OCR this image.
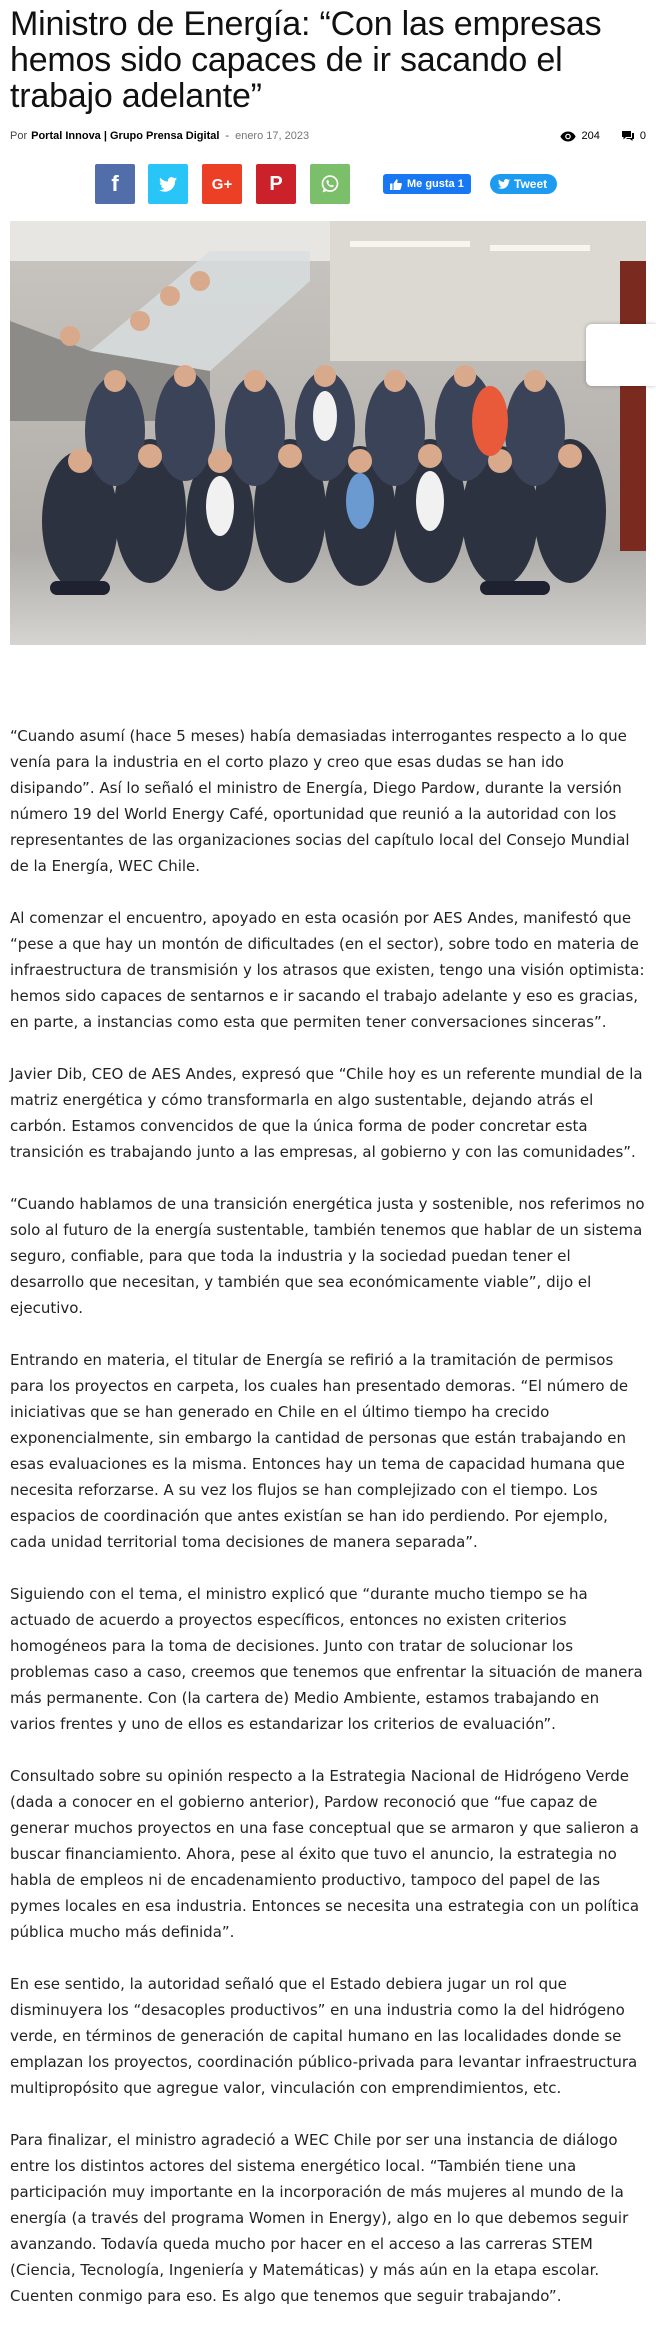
Ministro de Energía: “Con las empresas hemos sido capaces de ir sacando el trabajo adelante”
Por Portal Innova | Grupo Prensa Digital - enero 17, 2023	204	0
f	G+ P	Me gusta 1	Tweet

“Cuando asumí (hace 5 meses) había demasiadas interrogantes respecto a lo que venía para la industria en el corto plazo y creo que esas dudas se han ido disipando”. Así lo señaló el ministro de Energía, Diego Pardow, durante la versión número 19 del World Energy Café, oportunidad que reunió a la autoridad con los representantes de las organizaciones socias del capítulo local del Consejo Mundial de la Energía, WEC Chile.

Al comenzar el encuentro, apoyado en esta ocasión por AES Andes, manifestó que “pese a que hay un montón de dificultades (en el sector), sobre todo en materia de infraestructura de transmisión y los atrasos que existen, tengo una visión optimista: hemos sido capaces de sentarnos e ir sacando el trabajo adelante y eso es gracias, en parte, a instancias como esta que permiten tener conversaciones sinceras”.

Javier Dib, CEO de AES Andes, expresó que “Chile hoy es un referente mundial de la matriz energética y cómo transformarla en algo sustentable, dejando atrás el carbón. Estamos convencidos de que la única forma de poder concretar esta transición es trabajando junto a las empresas, al gobierno y con las comunidades”.

“Cuando hablamos de una transición energética justa y sostenible, nos referimos no solo al futuro de la energía sustentable, también tenemos que hablar de un sistema seguro, confiable, para que toda la industria y la sociedad puedan tener el desarrollo que necesitan, y también que sea económicamente viable”, dijo el ejecutivo.

Entrando en materia, el titular de Energía se refirió a la tramitación de permisos para los proyectos en carpeta, los cuales han presentado demoras. “El número de iniciativas que se han generado en Chile en el último tiempo ha crecido exponencialmente, sin embargo la cantidad de personas que están trabajando en esas evaluaciones es la misma. Entonces hay un tema de capacidad humana que necesita reforzarse. A su vez los flujos se han complejizado con el tiempo. Los espacios de coordinación que antes existían se han ido perdiendo. Por ejemplo, cada unidad territorial toma decisiones de manera separada”.

Siguiendo con el tema, el ministro explicó que “durante mucho tiempo se ha actuado de acuerdo a proyectos específicos, entonces no existen criterios homogéneos para la toma de decisiones. Junto con tratar de solucionar los problemas caso a caso, creemos que tenemos que enfrentar la situación de manera más permanente. Con (la cartera de) Medio Ambiente, estamos trabajando en varios frentes y uno de ellos es estandarizar los criterios de evaluación”.

Consultado sobre su opinión respecto a la Estrategia Nacional de Hidrógeno Verde (dada a conocer en el gobierno anterior), Pardow reconoció que “fue capaz de generar muchos proyectos en una fase conceptual que se armaron y que salieron a buscar financiamiento. Ahora, pese al éxito que tuvo el anuncio, la estrategia no habla de empleos ni de encadenamiento productivo, tampoco del papel de las pymes locales en esa industria. Entonces se necesita una estrategia con un política pública mucho más definida”.

En ese sentido, la autoridad señaló que el Estado debiera jugar un rol que disminuyera los “desacoples productivos” en una industria como la del hidrógeno verde, en términos de generación de capital humano en las localidades donde se emplazan los proyectos, coordinación público-privada para levantar infraestructura multipropósito que agregue valor, vinculación con emprendimientos, etc.

Para finalizar, el ministro agradeció a WEC Chile por ser una instancia de diálogo entre los distintos actores del sistema energético local. “También tiene una participación muy importante en la incorporación de más mujeres al mundo de la energía (a través del programa Women in Energy), algo en lo que debemos seguir avanzando. Todavía queda mucho por hacer en el acceso a las carreras STEM (Ciencia, Tecnología, Ingeniería y Matemáticas) y más aún en la etapa escolar. Cuenten conmigo para eso. Es algo que tenemos que seguir trabajando”.
